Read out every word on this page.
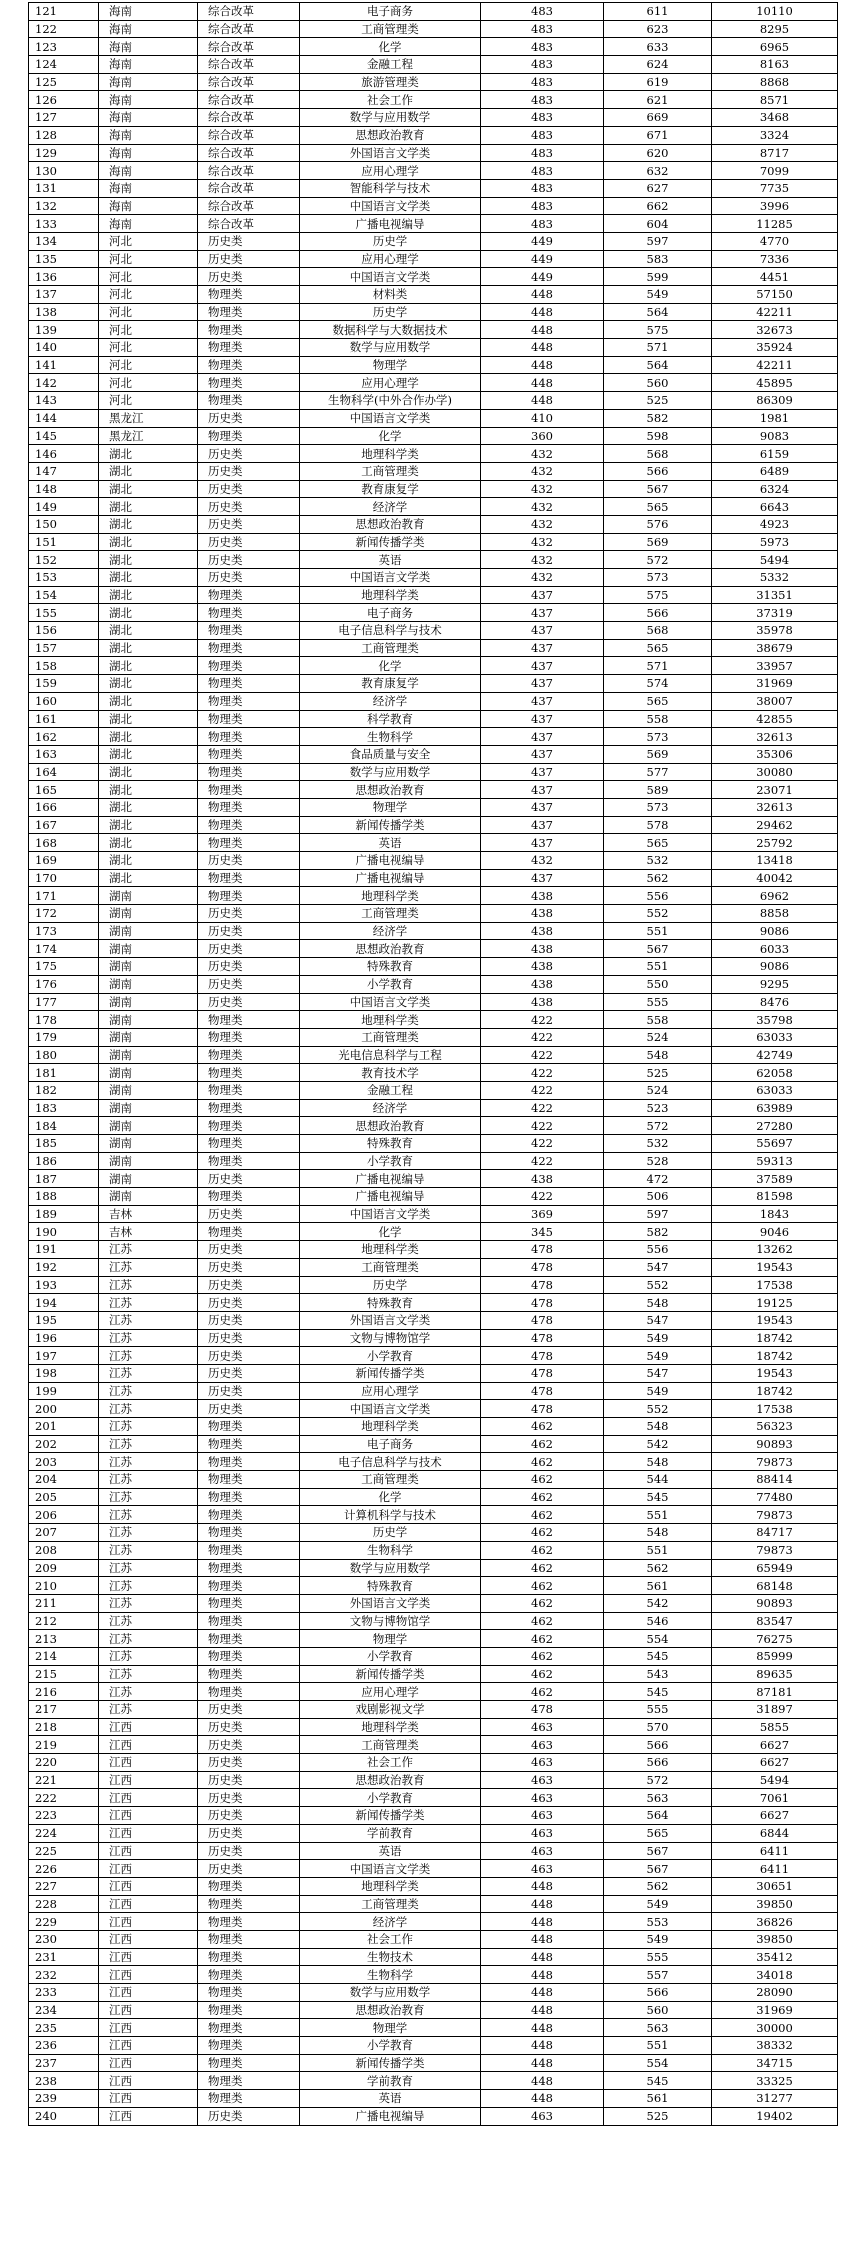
121	海南	综合改革	电子商务	483	611	10110
122	海南	综合改革	工商管理类	483	623	8295
123	海南	综合改革	化学	483	633	6965
124	海南	综合改革	金融工程	483	624	8163
125	海南	综合改革	旅游管理类	483	619	8868
126	海南	综合改革	社会工作	483	621	8571
127	海南	综合改革	数学与应用数学	483	669	3468
128	海南	综合改革	思想政治教育	483	671	3324
129	海南	综合改革	外国语言文学类	483	620	8717
130	海南	综合改革	应用心理学	483	632	7099
131	海南	综合改革	智能科学与技术	483	627	7735
132	海南	综合改革	中国语言文学类	483	662	3996
133	海南	综合改革	广播电视编导	483	604	11285
134	河北	历史类	历史学	449	597	4770
135	河北	历史类	应用心理学	449	583	7336
136	河北	历史类	中国语言文学类	449	599	4451
137	河北	物理类	材料类	448	549	57150
138	河北	物理类	历史学	448	564	42211
139	河北	物理类	数据科学与大数据技术	448	575	32673
140	河北	物理类	数学与应用数学	448	571	35924
141	河北	物理类	物理学	448	564	42211
142	河北	物理类	应用心理学	448	560	45895
143	河北	物理类	生物科学(中外合作办学)	448	525	86309
144	黑龙江	历史类	中国语言文学类	410	582	1981
145	黑龙江	物理类	化学	360	598	9083
146	湖北	历史类	地理科学类	432	568	6159
147	湖北	历史类	工商管理类	432	566	6489
148	湖北	历史类	教育康复学	432	567	6324
149	湖北	历史类	经济学	432	565	6643
150	湖北	历史类	思想政治教育	432	576	4923
151	湖北	历史类	新闻传播学类	432	569	5973
152	湖北	历史类	英语	432	572	5494
153	湖北	历史类	中国语言文学类	432	573	5332
154	湖北	物理类	地理科学类	437	575	31351
155	湖北	物理类	电子商务	437	566	37319
156	湖北	物理类	电子信息科学与技术	437	568	35978
157	湖北	物理类	工商管理类	437	565	38679
158	湖北	物理类	化学	437	571	33957
159	湖北	物理类	教育康复学	437	574	31969
160	湖北	物理类	经济学	437	565	38007
161	湖北	物理类	科学教育	437	558	42855
162	湖北	物理类	生物科学	437	573	32613
163	湖北	物理类	食品质量与安全	437	569	35306
164	湖北	物理类	数学与应用数学	437	577	30080
165	湖北	物理类	思想政治教育	437	589	23071
166	湖北	物理类	物理学	437	573	32613
167	湖北	物理类	新闻传播学类	437	578	29462
168	湖北	物理类	英语	437	565	25792
169	湖北	历史类	广播电视编导	432	532	13418
170	湖北	物理类	广播电视编导	437	562	40042
171	湖南	物理类	地理科学类	438	556	6962
172	湖南	历史类	工商管理类	438	552	8858
173	湖南	历史类	经济学	438	551	9086
174	湖南	历史类	思想政治教育	438	567	6033
175	湖南	历史类	特殊教育	438	551	9086
176	湖南	历史类	小学教育	438	550	9295
177	湖南	历史类	中国语言文学类	438	555	8476
178	湖南	物理类	地理科学类	422	558	35798
179	湖南	物理类	工商管理类	422	524	63033
180	湖南	物理类	光电信息科学与工程	422	548	42749
181	湖南	物理类	教育技术学	422	525	62058
182	湖南	物理类	金融工程	422	524	63033
183	湖南	物理类	经济学	422	523	63989
184	湖南	物理类	思想政治教育	422	572	27280
185	湖南	物理类	特殊教育	422	532	55697
186	湖南	物理类	小学教育	422	528	59313
187	湖南	历史类	广播电视编导	438	472	37589
188	湖南	物理类	广播电视编导	422	506	81598
189	吉林	历史类	中国语言文学类	369	597	1843
190	吉林	物理类	化学	345	582	9046
191	江苏	历史类	地理科学类	478	556	13262
192	江苏	历史类	工商管理类	478	547	19543
193	江苏	历史类	历史学	478	552	17538
194	江苏	历史类	特殊教育	478	548	19125
195	江苏	历史类	外国语言文学类	478	547	19543
196	江苏	历史类	文物与博物馆学	478	549	18742
197	江苏	历史类	小学教育	478	549	18742
198	江苏	历史类	新闻传播学类	478	547	19543
199	江苏	历史类	应用心理学	478	549	18742
200	江苏	历史类	中国语言文学类	478	552	17538
201	江苏	物理类	地理科学类	462	548	56323
202	江苏	物理类	电子商务	462	542	90893
203	江苏	物理类	电子信息科学与技术	462	548	79873
204	江苏	物理类	工商管理类	462	544	88414
205	江苏	物理类	化学	462	545	77480
206	江苏	物理类	计算机科学与技术	462	551	79873
207	江苏	物理类	历史学	462	548	84717
208	江苏	物理类	生物科学	462	551	79873
209	江苏	物理类	数学与应用数学	462	562	65949
210	江苏	物理类	特殊教育	462	561	68148
211	江苏	物理类	外国语言文学类	462	542	90893
212	江苏	物理类	文物与博物馆学	462	546	83547
213	江苏	物理类	物理学	462	554	76275
214	江苏	物理类	小学教育	462	545	85999
215	江苏	物理类	新闻传播学类	462	543	89635
216	江苏	物理类	应用心理学	462	545	87181
217	江苏	历史类	戏剧影视文学	478	555	31897
218	江西	历史类	地理科学类	463	570	5855
219	江西	历史类	工商管理类	463	566	6627
220	江西	历史类	社会工作	463	566	6627
221	江西	历史类	思想政治教育	463	572	5494
222	江西	历史类	小学教育	463	563	7061
223	江西	历史类	新闻传播学类	463	564	6627
224	江西	历史类	学前教育	463	565	6844
225	江西	历史类	英语	463	567	6411
226	江西	历史类	中国语言文学类	463	567	6411
227	江西	物理类	地理科学类	448	562	30651
228	江西	物理类	工商管理类	448	549	39850
229	江西	物理类	经济学	448	553	36826
230	江西	物理类	社会工作	448	549	39850
231	江西	物理类	生物技术	448	555	35412
232	江西	物理类	生物科学	448	557	34018
233	江西	物理类	数学与应用数学	448	566	28090
234	江西	物理类	思想政治教育	448	560	31969
235	江西	物理类	物理学	448	563	30000
236	江西	物理类	小学教育	448	551	38332
237	江西	物理类	新闻传播学类	448	554	34715
238	江西	物理类	学前教育	448	545	33325
239	江西	物理类	英语	448	561	31277
240	江西	历史类	广播电视编导	463	525	19402
